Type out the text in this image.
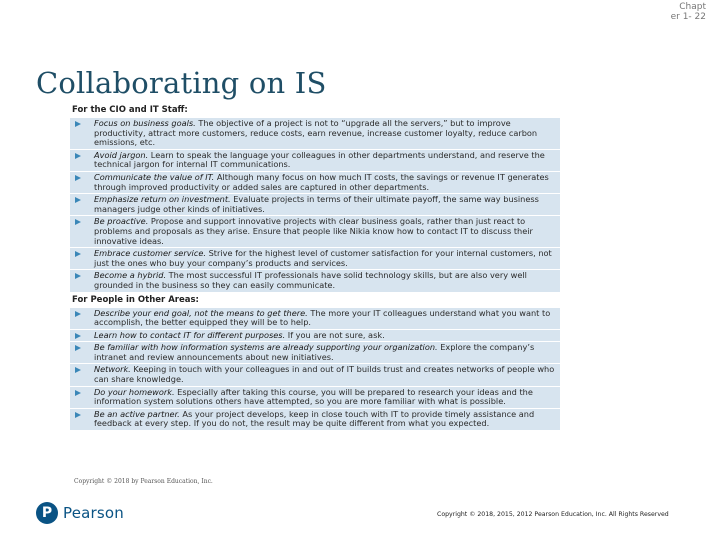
Chapt er 1- 22
Collaborating on IS
For the CIO and IT Staff:
Focus on business goals. The objective of a project is not to “upgrade all the servers,” but to improve productivity, attract more customers, reduce costs, earn revenue, increase customer loyalty, reduce carbon emissions, etc.
Avoid jargon. Learn to speak the language your colleagues in other departments understand, and reserve the technical jargon for internal IT communications.
Communicate the value of IT. Although many focus on how much IT costs, the savings or revenue IT generates through improved productivity or added sales are captured in other departments.
Emphasize return on investment. Evaluate projects in terms of their ultimate payoff, the same way business managers judge other kinds of initiatives.
Be proactive. Propose and support innovative projects with clear business goals, rather than just react to problems and proposals as they arise. Ensure that people like Nikia know how to contact IT to discuss their innovative ideas.
Embrace customer service. Strive for the highest level of customer satisfaction for your internal customers, not just the ones who buy your company’s products and services.
Become a hybrid. The most successful IT professionals have solid technology skills, but are also very well grounded in the business so they can easily communicate.
For People in Other Areas:
Describe your end goal, not the means to get there. The more your IT colleagues understand what you want to accomplish, the better equipped they will be to help.
Learn how to contact IT for different purposes. If you are not sure, ask.
Be familiar with how information systems are already supporting your organization. Explore the company’s intranet and review announcements about new initiatives.
Network. Keeping in touch with your colleagues in and out of IT builds trust and creates networks of people who can share knowledge.
Do your homework. Especially after taking this course, you will be prepared to research your ideas and the information system solutions others have attempted, so you are more familiar with what is possible.
Be an active partner. As your project develops, keep in close touch with IT to provide timely assistance and feedback at every step. If you do not, the result may be quite different from what you expected.
Copyright © 2018 by Pearson Education, Inc.
P Pearson	Copyright © 2018, 2015, 2012 Pearson Education, Inc. All Rights Reserved
